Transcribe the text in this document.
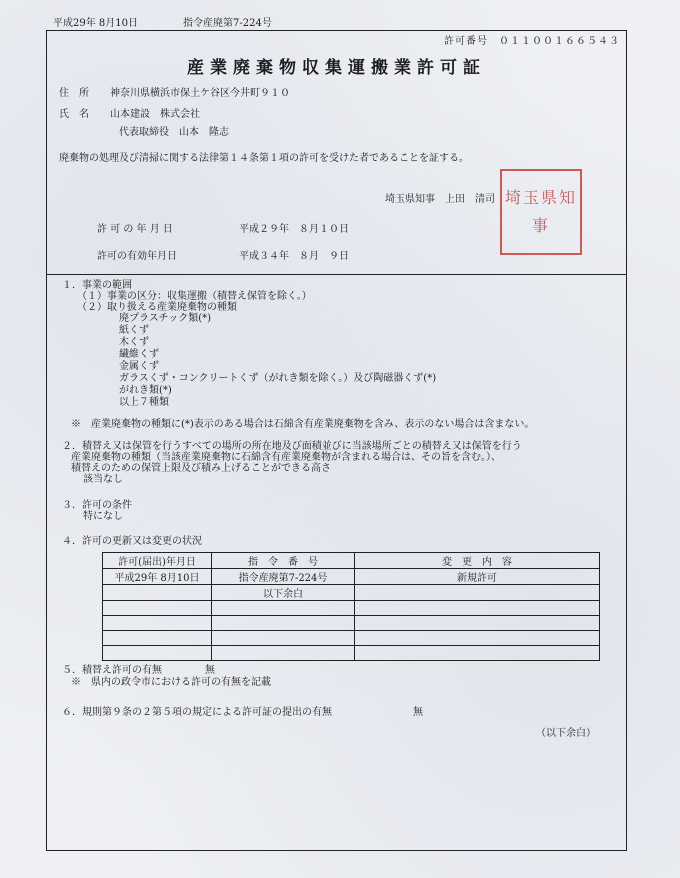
平成29年 8月10日	指令産廃第7-224号
許可番号　０１１００１６６５４３
産業廃棄物収集運搬業許可証
住　所 神奈川県横浜市保土ケ谷区今井町９１０
氏　名 山本建設　株式会社
代表取締役　山本　隆志
廃棄物の処理及び清掃に関する法律第１４条第１項の許可を受けた者であることを証する。
埼玉県知事　上田　清司 埼玉県知事
許 可 の 年 月 日	平成２９年　８月１０日
許可の有効年月日	平成３４年　８月　９日
１．事業の範囲
（１）事業の区分：収集運搬（積替え保管を除く。）
（２）取り扱える産業廃棄物の種類
廃プラスチック類(*)
紙くず
木くず
繊維くず
金属くず
ガラスくず・コンクリートくず（がれき類を除く。）及び陶磁器くず(*)
がれき類(*)
以上７種類
※　産業廃棄物の種類に(*)表示のある場合は石綿含有産業廃棄物を含み、表示のない場合は含まない。
２．積替え又は保管を行うすべての場所の所在地及び面積並びに当該場所ごとの積替え又は保管を行う
産業廃棄物の種類（当該産業廃棄物に石綿含有産業廃棄物が含まれる場合は、その旨を含む。）、
積替えのための保管上限及び積み上げることができる高さ
該当なし
３．許可の条件
特になし
４．許可の更新又は変更の状況
許可(届出)年月日	指　令　番　号	変　更　内　容
平成29年 8月10日	指令産廃第7-224号	新規許可
	以下余白	

５．積替え許可の有無	無
※　県内の政令市における許可の有無を記載
６．規則第９条の２第５項の規定による許可証の提出の有無	無
（以下余白）
